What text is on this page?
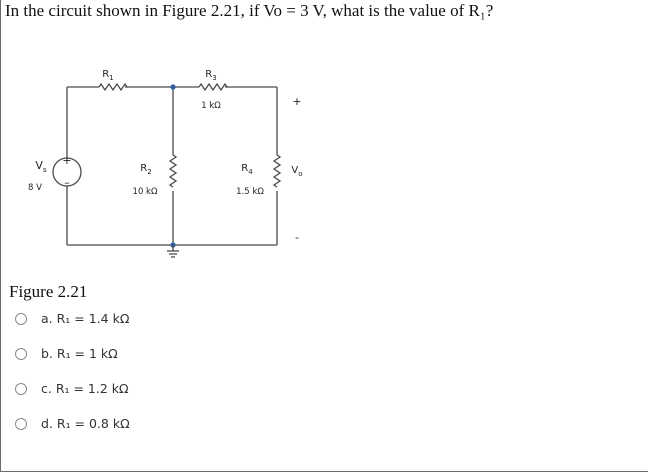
In the circuit shown in Figure 2.21, if Vo = 3 V, what is the value of R₁?
+
–
$V_s$
8 V
$R_1$	$R_3$
1 kΩ
$R_2$
10 kΩ
$R_4$
1.5 kΩ
+
$V_o$
-
Figure 2.21
a. R₁ = 1.4 kΩ
b. R₁ = 1 kΩ
c. R₁ = 1.2 kΩ
d. R₁ = 0.8 kΩ
